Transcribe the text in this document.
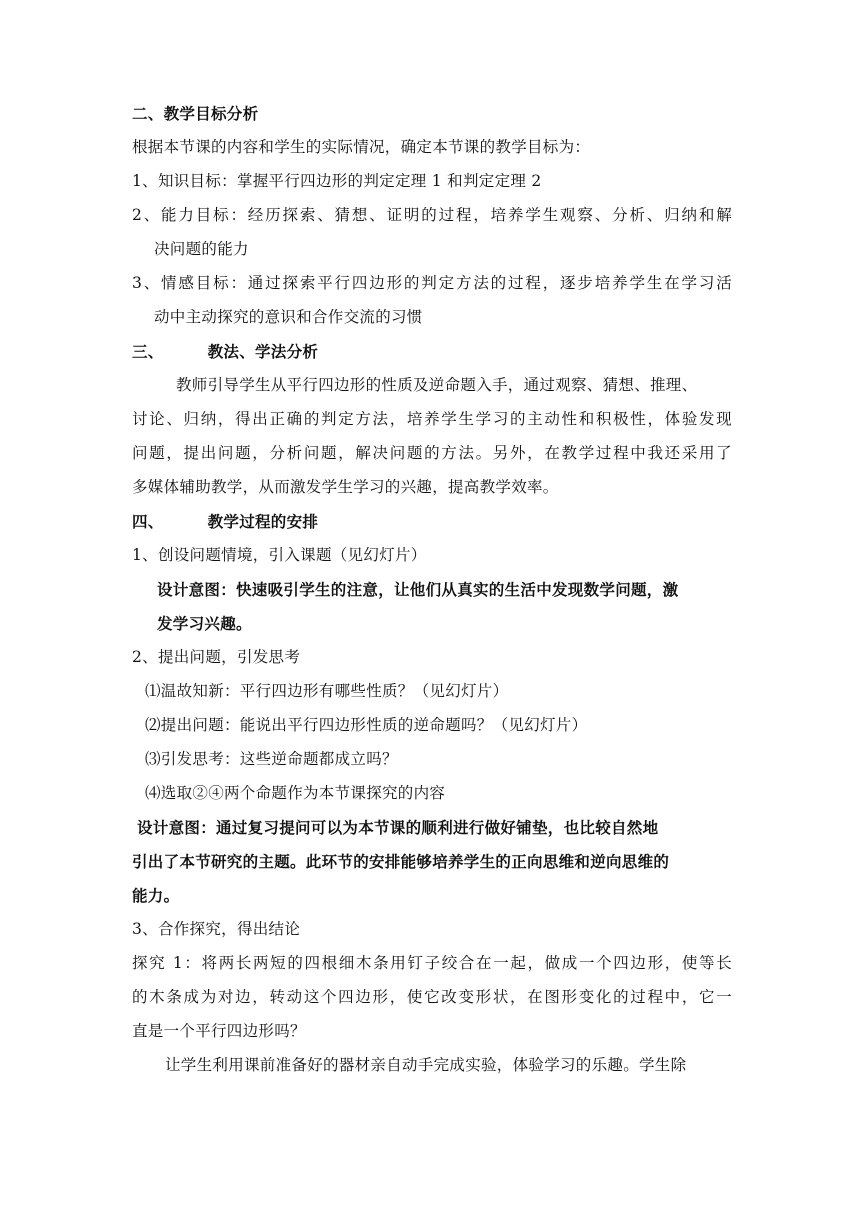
二、教学目标分析
根据本节课的内容和学生的实际情况，确定本节课的教学目标为：
1、知识目标：掌握平行四边形的判定定理 1 和判定定理 2
2、能力目标：经历探索、猜想、证明的过程，培养学生观察、分析、归纳和解
决问题的能力
3、情感目标：通过探索平行四边形的判定方法的过程，逐步培养学生在学习活
动中主动探究的意识和合作交流的习惯
三、	教法、学法分析
教师引导学生从平行四边形的性质及逆命题入手，通过观察、猜想、推理、
讨论、归纳，得出正确的判定方法，培养学生学习的主动性和积极性，体验发现
问题，提出问题，分析问题，解决问题的方法。另外，在教学过程中我还采用了
多媒体辅助教学，从而激发学生学习的兴趣，提高教学效率。
四、	教学过程的安排
1、创设问题情境，引入课题（见幻灯片）
设计意图：快速吸引学生的注意，让他们从真实的生活中发现数学问题，激
发学习兴趣。
2、提出问题，引发思考
⑴温故知新：平行四边形有哪些性质？（见幻灯片）
⑵提出问题：能说出平行四边形性质的逆命题吗？（见幻灯片）
⑶引发思考：这些逆命题都成立吗？
⑷选取②④两个命题作为本节课探究的内容
设计意图：通过复习提问可以为本节课的顺利进行做好铺垫，也比较自然地
引出了本节研究的主题。此环节的安排能够培养学生的正向思维和逆向思维的
能力。
3、合作探究，得出结论
探究 1：将两长两短的四根细木条用钉子绞合在一起，做成一个四边形，使等长
的木条成为对边，转动这个四边形，使它改变形状，在图形变化的过程中，它一
直是一个平行四边形吗？
让学生利用课前准备好的器材亲自动手完成实验，体验学习的乐趣。学生除
